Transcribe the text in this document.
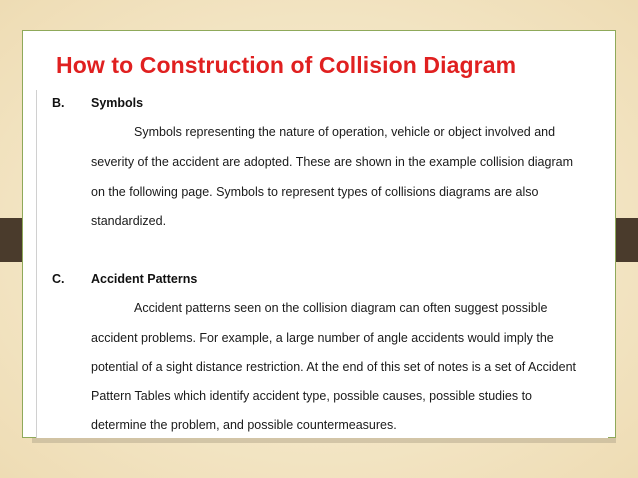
How to Construction of Collision Diagram
B. Symbols
Symbols representing the nature of operation, vehicle or object involved and
severity of the accident are adopted. These are shown in the example collision diagram
on the following page. Symbols to represent types of collisions diagrams are also
standardized.
C. Accident Patterns
Accident patterns seen on the collision diagram can often suggest possible
accident problems. For example, a large number of angle accidents would imply the
potential of a sight distance restriction. At the end of this set of notes is a set of Accident
Pattern Tables which identify accident type, possible causes, possible studies to
determine the problem, and possible countermeasures.
